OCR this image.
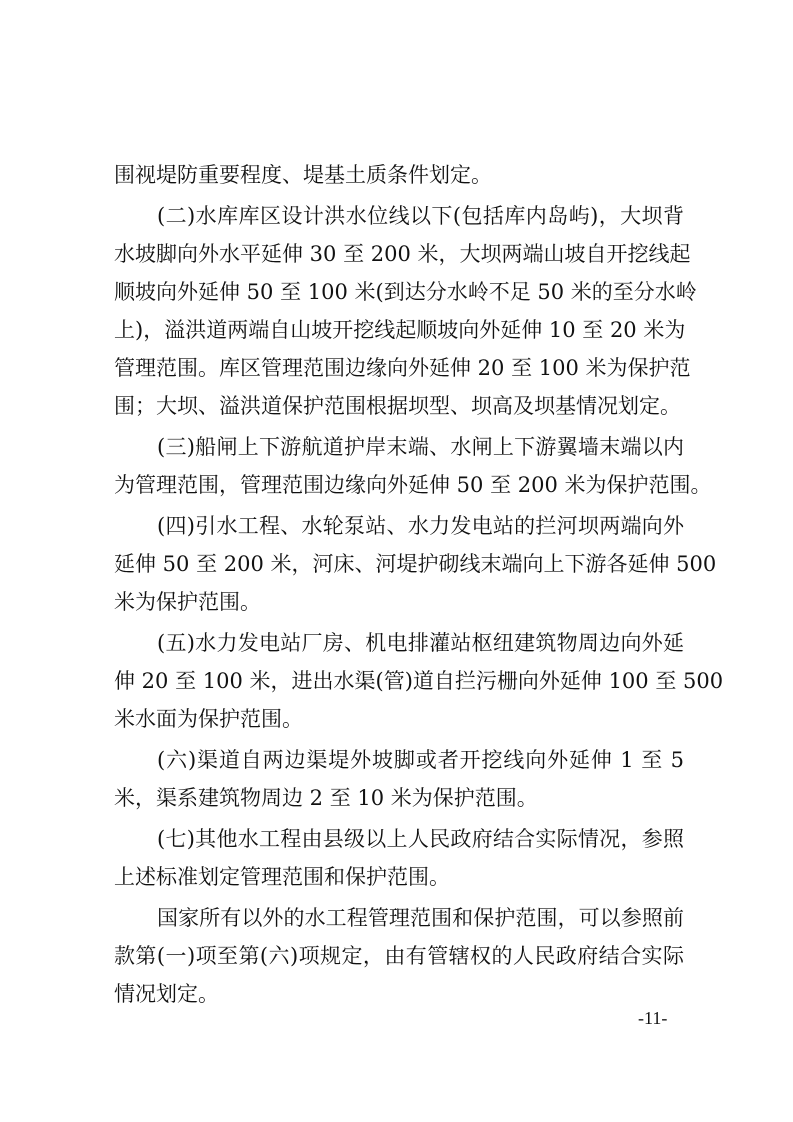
围视堤防重要程度、堤基土质条件划定。
(二)水库库区设计洪水位线以下(包括库内岛屿)，大坝背
水坡脚向外水平延伸 30 至 200 米，大坝两端山坡自开挖线起
顺坡向外延伸 50 至 100 米(到达分水岭不足 50 米的至分水岭
上)，溢洪道两端自山坡开挖线起顺坡向外延伸 10 至 20 米为
管理范围。库区管理范围边缘向外延伸 20 至 100 米为保护范
围；大坝、溢洪道保护范围根据坝型、坝高及坝基情况划定。
(三)船闸上下游航道护岸末端、水闸上下游翼墙末端以内
为管理范围，管理范围边缘向外延伸 50 至 200 米为保护范围。
(四)引水工程、水轮泵站、水力发电站的拦河坝两端向外
延伸 50 至 200 米，河床、河堤护砌线末端向上下游各延伸 500
米为保护范围。
(五)水力发电站厂房、机电排灌站枢纽建筑物周边向外延
伸 20 至 100 米，进出水渠(管)道自拦污栅向外延伸 100 至 500
米水面为保护范围。
(六)渠道自两边渠堤外坡脚或者开挖线向外延伸 1 至 5
米，渠系建筑物周边 2 至 10 米为保护范围。
(七)其他水工程由县级以上人民政府结合实际情况，参照
上述标准划定管理范围和保护范围。
国家所有以外的水工程管理范围和保护范围，可以参照前
款第(一)项至第(六)项规定，由有管辖权的人民政府结合实际
情况划定。
-11-
